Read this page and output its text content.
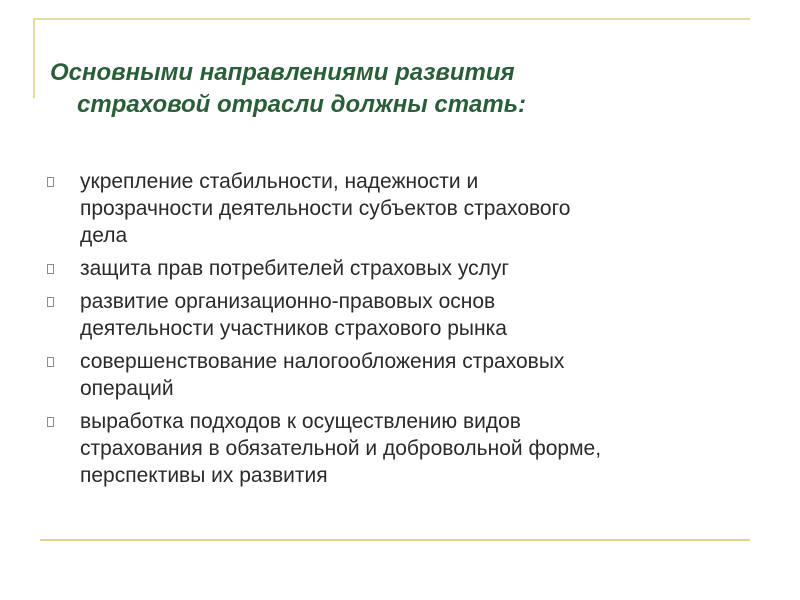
Основными направлениями развития
страховой отрасли должны стать:
укрепление стабильности, надежности и
прозрачности деятельности субъектов страхового
дела
защита прав потребителей страховых услуг
развитие организационно-правовых основ
деятельности участников страхового рынка
совершенствование налогообложения страховых
операций
выработка подходов к осуществлению видов
страхования в обязательной и добровольной форме,
перспективы их развития
